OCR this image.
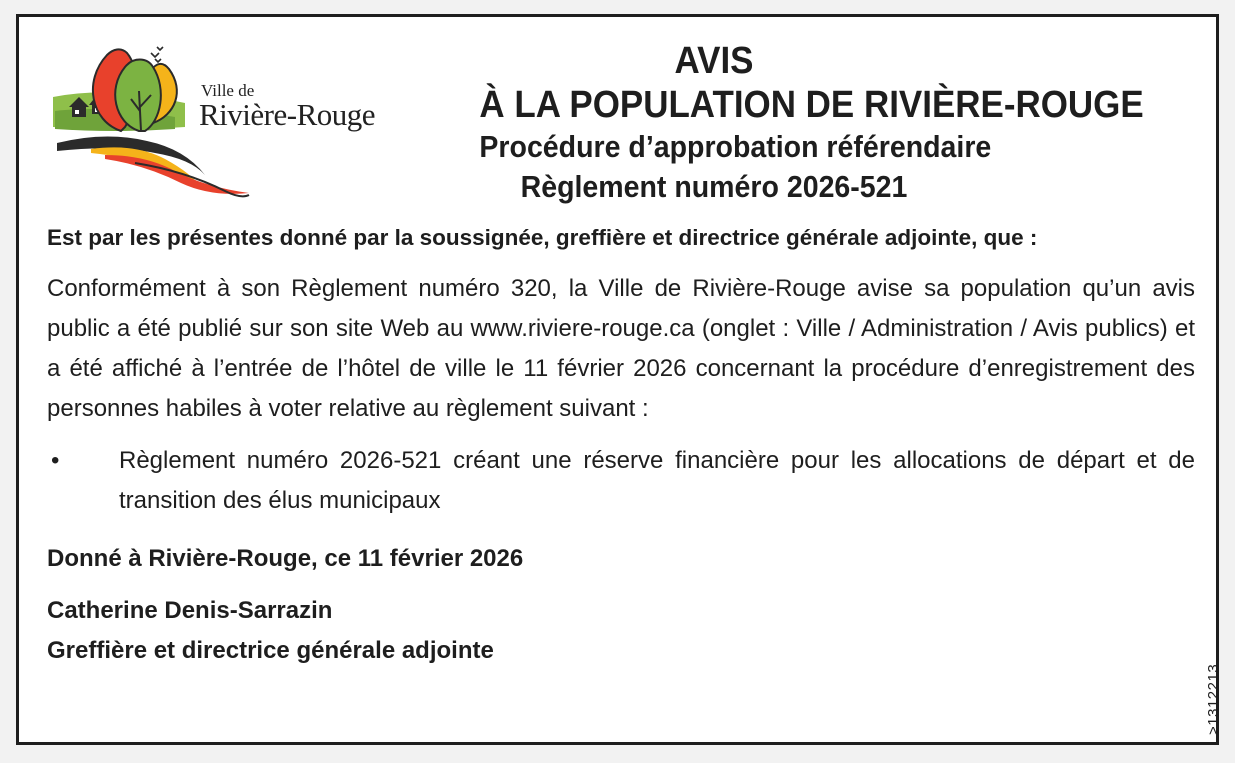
Ville de
Rivière-Rouge
AVIS
À LA POPULATION DE RIVIÈRE-ROUGE
Procédure d’approbation référendaire
Règlement numéro 2026-521

Est par les présentes donné par la soussignée, greffière et directrice générale adjointe, que :

Conformément à son Règlement numéro 320, la Ville de Rivière-Rouge avise sa population qu’un avis public a été publié sur son site Web au www.riviere-rouge.ca (onglet : Ville / Administration / Avis publics) et a été affiché à l’entrée de l’hôtel de ville le 11 février 2026 concernant la procédure d’enregistrement des personnes habiles à voter relative au règlement suivant :

•	Règlement numéro 2026-521 créant une réserve financière pour les allocations de départ et de transition des élus municipaux

Donné à Rivière-Rouge, ce 11 février 2026

Catherine Denis-Sarrazin

Greffière et directrice générale adjointe

>1312213
